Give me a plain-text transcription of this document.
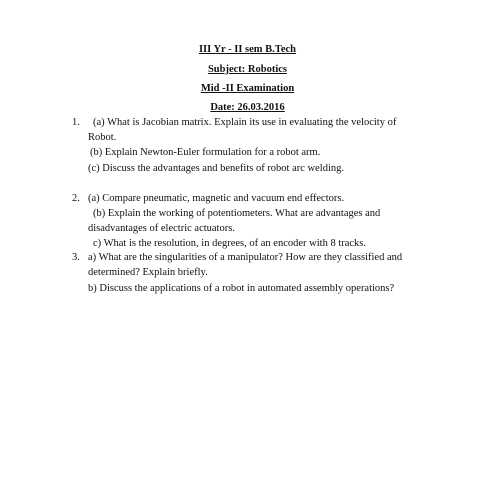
III Yr - II sem B.Tech
Subject: Robotics
Mid -II Examination
Date: 26.03.2016
1. (a) What is Jacobian matrix. Explain its use in evaluating the velocity of
Robot.
(b) Explain Newton-Euler formulation for a robot arm.
(c) Discuss the advantages and benefits of robot arc welding.
2. (a) Compare pneumatic, magnetic and vacuum end effectors.
(b) Explain the working of potentiometers. What are advantages and
disadvantages of electric actuators.
c) What is the resolution, in degrees, of an encoder with 8 tracks.
3. a) What are the singularities of a manipulator? How are they classified and
determined? Explain briefly.
b) Discuss the applications of a robot in automated assembly operations?
